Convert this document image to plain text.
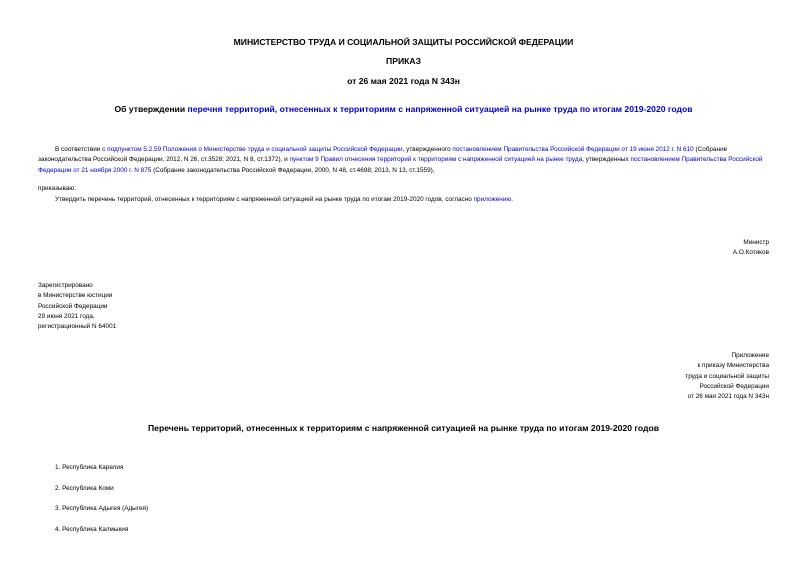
МИНИСТЕРСТВО ТРУДА И СОЦИАЛЬНОЙ ЗАЩИТЫ РОССИЙСКОЙ ФЕДЕРАЦИИ
ПРИКАЗ
от 26 мая 2021 года N 343н
Об утверждении перечня территорий, отнесенных к территориям с напряженной ситуацией на рынке труда по итогам 2019-2020 годов
В соответствии с подпунктом 5.2.59 Положения о Министерстве труда и социальной защиты Российской Федерации, утвержденного постановлением Правительства Российской Федерации от 19 июня 2012 г. N 610 (Собрание законодательства Российской Федерации, 2012, N 26, ст.3528; 2021, N 8, ст.1372), и пунктом 9 Правил отнесения территорий к территориям с напряженной ситуацией на рынке труда, утвержденных постановлением Правительства Российской Федерации от 21 ноября 2000 г. N 875 (Собрание законодательства Российской Федерации, 2000, N 48, ст.4698; 2013, N 13, ст.1559),
приказываю:
Утвердить перечень территорий, отнесенных к территориям с напряженной ситуацией на рынке труда по итогам 2019-2020 годов, согласно приложению.
Министр
А.О.Котяков
Зарегистрировано
в Министерстве юстиции
Российской Федерации
29 июня 2021 года,
регистрационный N 64001
Приложение
к приказу Министерства
труда и социальной защиты
Российской Федерации
от 26 мая 2021 года N 343н
Перечень территорий, отнесенных к территориям с напряженной ситуацией на рынке труда по итогам 2019-2020 годов
1. Республика Карелия
2. Республика Коми
3. Республика Адыгея (Адыгея)
4. Республика Калмыкия
